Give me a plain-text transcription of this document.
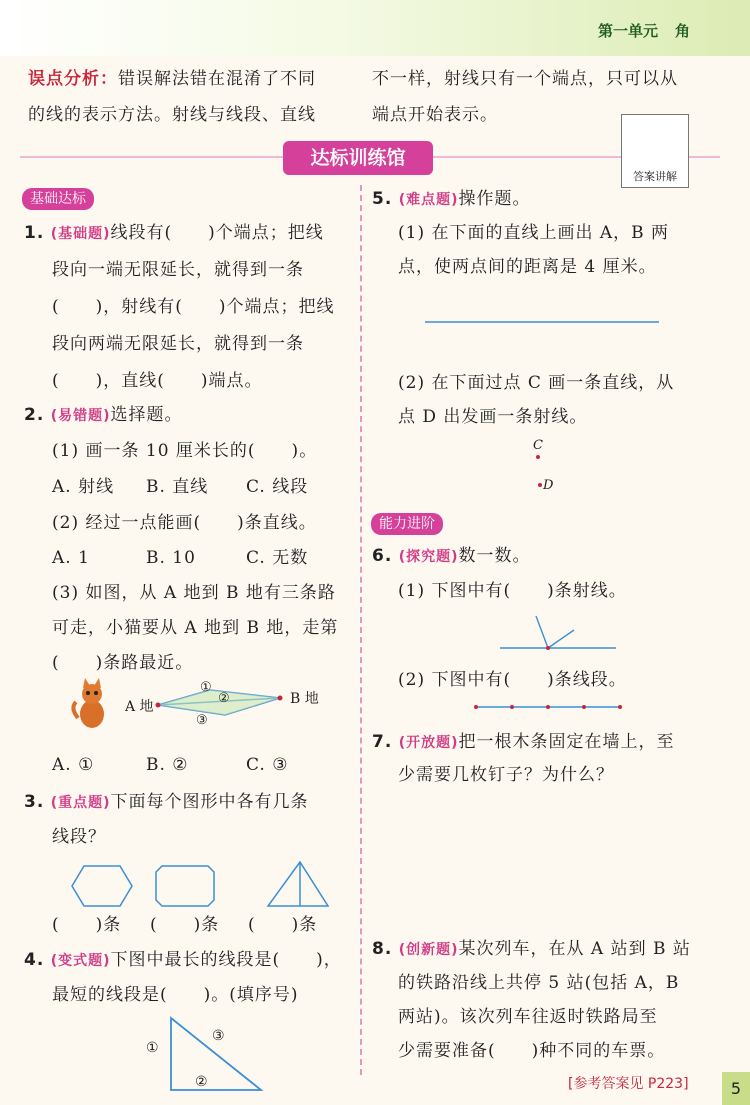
第一单元 角
误点分析：错误解法错在混淆了不同
的线的表示方法。射线与线段、直线
不一样，射线只有一个端点，只可以从
端点开始表示。
达标训练馆
答案讲解
基础达标
1. (基础题)线段有(　　)个端点；把线
段向一端无限延长，就得到一条
(　　)，射线有(　　)个端点；把线
段向两端无限延长，就得到一条
(　　)，直线(　　)端点。
2. (易错题)选择题。
(1) 画一条 10 厘米长的(　　)。
A. 射线 B. 直线 C. 线段
(2) 经过一点能画(　　)条直线。
A. 1	B. 10	C. 无数
(3) 如图，从 A 地到 B 地有三条路
可走，小猫要从 A 地到 B 地，走第
(　　)条路最近。
A 地	B 地
①
②
③
A. ①	B. ②	C. ③
3. (重点题)下面每个图形中各有几条
线段？
(　　)条 (　　)条 (　　)条
4. (变式题)下图中最长的线段是(　　)，
最短的线段是(　　)。(填序号)
①
③
②
5. (难点题)操作题。
(1) 在下面的直线上画出 A，B 两
点，使两点间的距离是 4 厘米。
(2) 在下面过点 C 画一条直线，从
点 D 出发画一条射线。
C
D
能力进阶
6. (探究题)数一数。
(1) 下图中有(　　)条射线。
(2) 下图中有(　　)条线段。
7. (开放题)把一根木条固定在墙上，至
少需要几枚钉子？为什么？
8. (创新题)某次列车，在从 A 站到 B 站
的铁路沿线上共停 5 站(包括 A，B
两站)。该次列车往返时铁路局至
少需要准备(　　)种不同的车票。
[参考答案见 P223]	5
